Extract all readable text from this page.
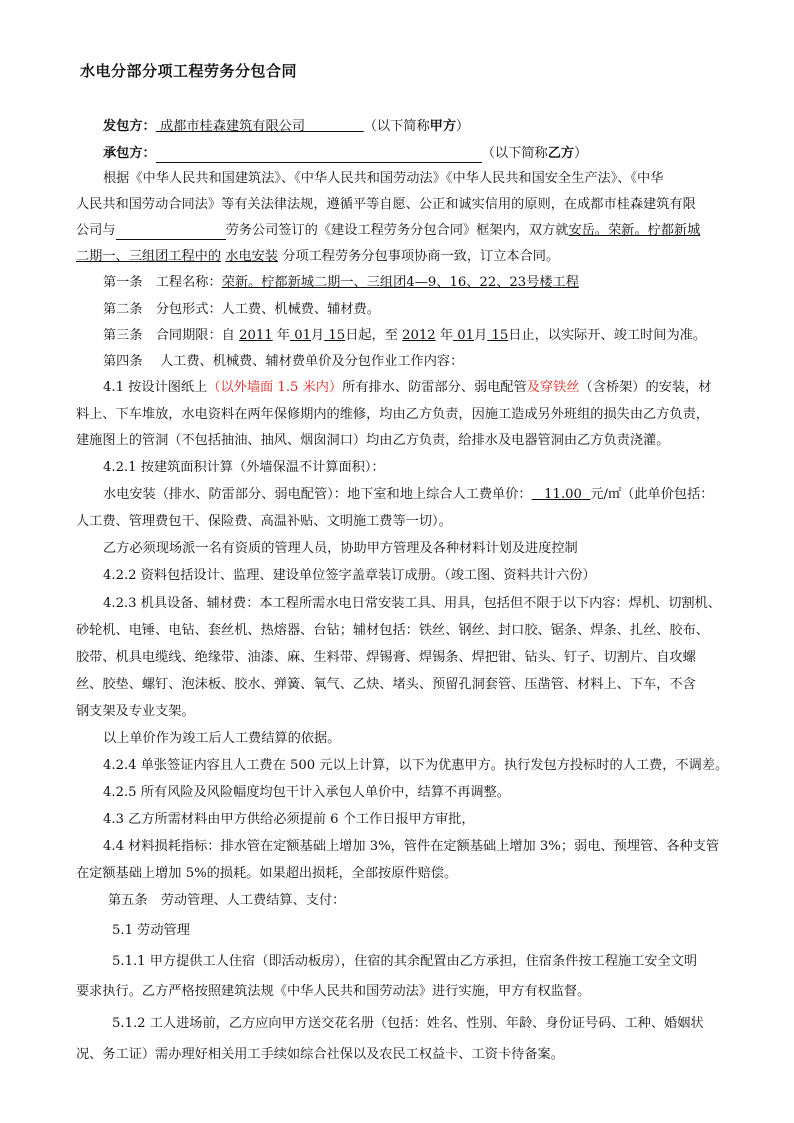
水电分部分项工程劳务分包合同
发包方： 成都市桂森建筑有限公司	（以下简称甲方）
承包方：	（以下简称乙方）
根据《中华人民共和国建筑法》、《中华人民共和国劳动法》《中华人民共和国安全生产法》、《中华
人民共和国劳动合同法》等有关法律法规，遵循平等自愿、公正和诚实信用的原则，在成都市桂森建筑有限
公司与	劳务公司签订的《建设工程劳务分包合同》框架内，双方就安岳。荣新。柠都新城
二期一、三组团工程中的 水电安装 分项工程劳务分包事项协商一致，订立本合同。
第一条　工程名称：荣新。柠都新城二期一、三组团4—9、16、22、23号楼工程
第二条　分包形式：人工费、机械费、辅材费。
第三条　合同期限：自 2011 年 01月 15日起，至 2012 年 01月 15日止，以实际开、竣工时间为准。
第四条　 人工费、机械费、辅材费单价及分包作业工作内容：
4.1 按设计图纸上（以外墙面 1.5 米内）所有排水、防雷部分、弱电配管及穿铁丝（含桥架）的安装，材
料上、下车堆放，水电资料在两年保修期内的维修，均由乙方负责，因施工造成另外班组的损失由乙方负责，
建施图上的管洞（不包括抽油、抽风、烟囱洞口）均由乙方负责，给排水及电器管洞由乙方负责浇灌。
4.2.1 按建筑面积计算（外墙保温不计算面积）：
水电安装（排水、防雷部分、弱电配管）：地下室和地上综合人工费单价： 11.00 元/㎡（此单价包括：
人工费、管理费包干、保险费、高温补贴、文明施工费等一切）。
乙方必须现场派一名有资质的管理人员，协助甲方管理及各种材料计划及进度控制
4.2.2 资料包括设计、监理、建设单位签字盖章装订成册。（竣工图、资料共计六份）
4.2.3 机具设备、辅材费：本工程所需水电日常安装工具、用具，包括但不限于以下内容：焊机、切割机、
砂轮机、电锤、电钻、套丝机、热熔器、台钻；辅材包括：铁丝、钢丝、封口胶、锯条、焊条、扎丝、胶布、
胶带、机具电缆线、绝缘带、油漆、麻、生料带、焊锡膏、焊锡条、焊把钳、钻头、钉子、切割片、自攻螺
丝、胶垫、螺钉、泡沫板、胶水、弹簧、氧气、乙炔、堵头、预留孔洞套管、压凿管、材料上、下车，不含
钢支架及专业支架。
以上单价作为竣工后人工费结算的依据。
4.2.4 单张签证内容且人工费在 500 元以上计算，以下为优惠甲方。执行发包方投标时的人工费，不调差。
4.2.5 所有风险及风险幅度均包干计入承包人单价中，结算不再调整。
4.3 乙方所需材料由甲方供给必须提前 6 个工作日报甲方审批，
4.4 材料损耗指标：排水管在定额基础上增加 3%，管件在定额基础上增加 3%；弱电、预埋管、各种支管
在定额基础上增加 5%的损耗。如果超出损耗，全部按原件赔偿。
第五条　劳动管理、人工费结算、支付：
5.1 劳动管理
5.1.1 甲方提供工人住宿（即活动板房），住宿的其余配置由乙方承担，住宿条件按工程施工安全文明
要求执行。乙方严格按照建筑法规《中华人民共和国劳动法》进行实施，甲方有权监督。
5.1.2 工人进场前，乙方应向甲方送交花名册（包括：姓名、性别、年龄、身份证号码、工种、婚姻状
况、务工证）需办理好相关用工手续如综合社保以及农民工权益卡、工资卡待备案。
